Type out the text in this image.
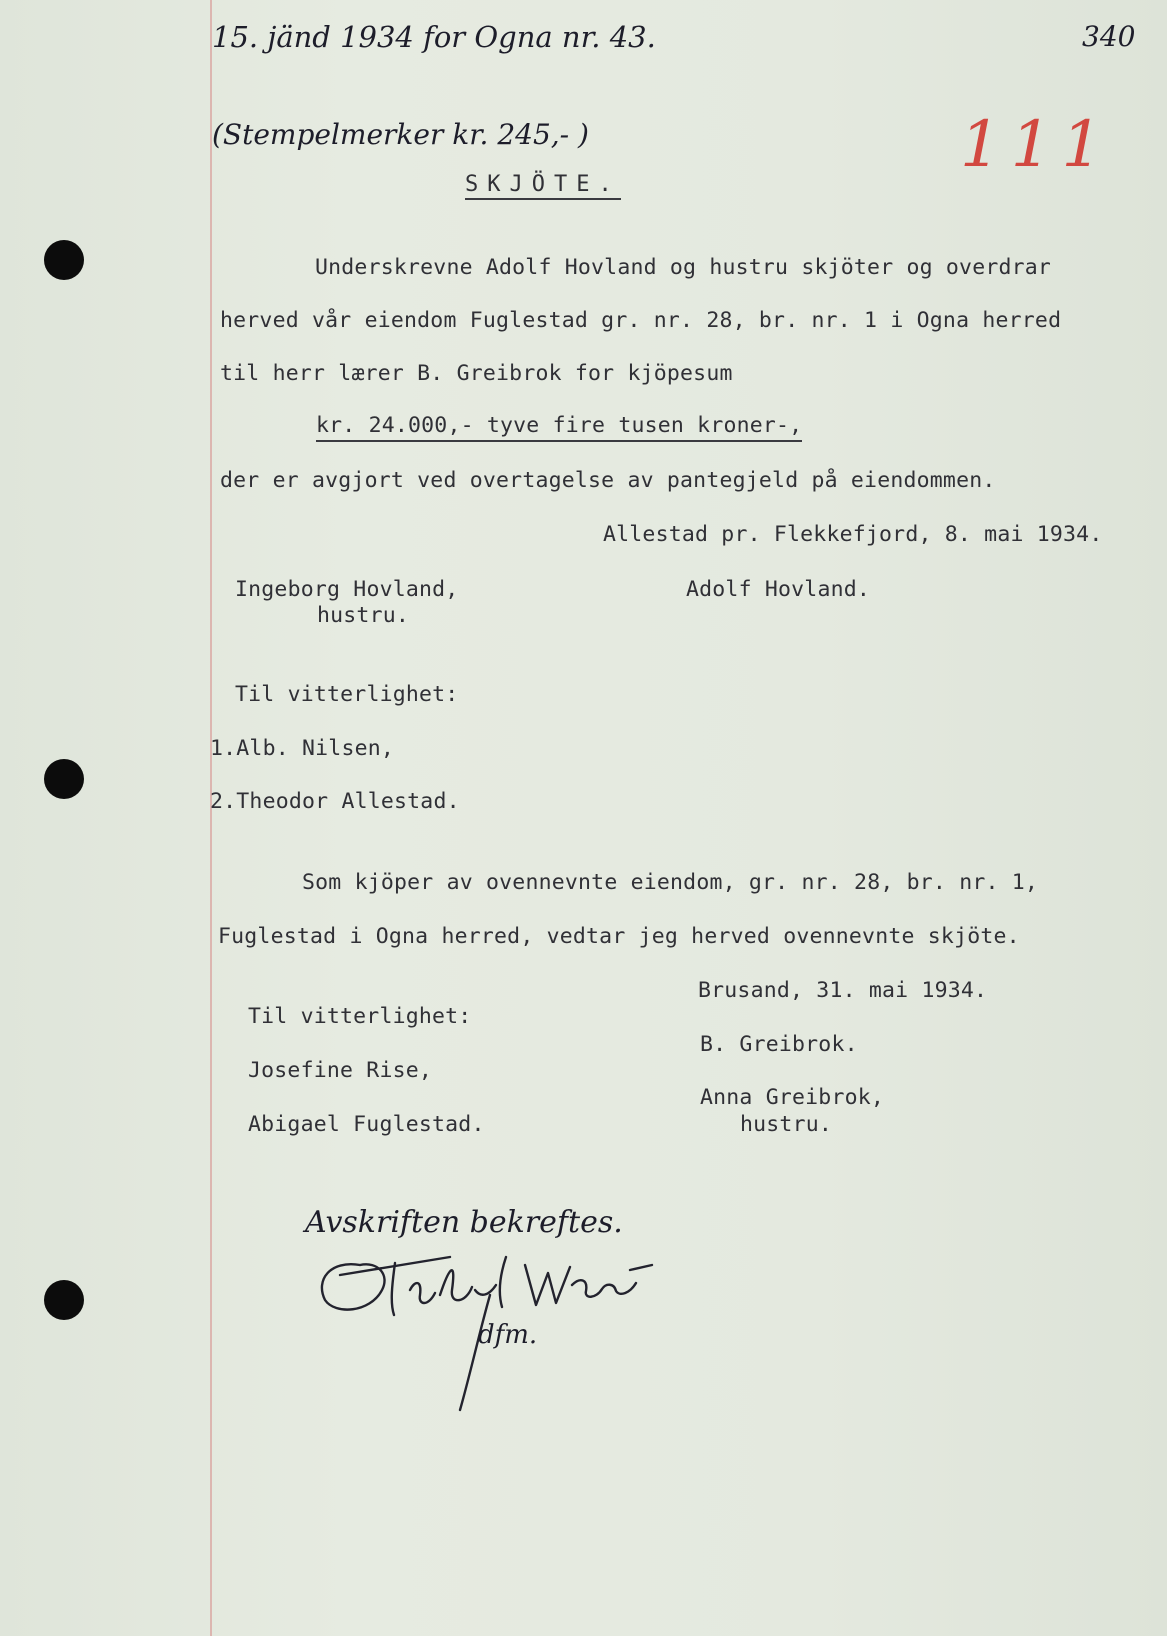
15. jänd 1934 for Ogna nr. 43.	340
(Stempelmerker kr. 245,- )	111
SKJÖTE.
Underskrevne Adolf Hovland og hustru skjöter og overdrar
herved vår eiendom Fuglestad gr. nr. 28, br. nr. 1 i Ogna herred
til herr lærer B. Greibrok for kjöpesum
kr. 24.000,- tyve fire tusen kroner-,
der er avgjort ved overtagelse av pantegjeld på eiendommen.
Allestad pr. Flekkefjord, 8. mai 1934.
Ingeborg Hovland,
hustru.
Adolf Hovland.
Til vitterlighet:
1.Alb. Nilsen,
2.Theodor Allestad.
Som kjöper av ovennevnte eiendom, gr. nr. 28, br. nr. 1,
Fuglestad i Ogna herred, vedtar jeg herved ovennevnte skjöte.
Brusand, 31. mai 1934.
Til vitterlighet:
B. Greibrok.
Josefine Rise,
Anna Greibrok,
Abigael Fuglestad.	hustru.
Avskriften bekreftes.
dfm.
